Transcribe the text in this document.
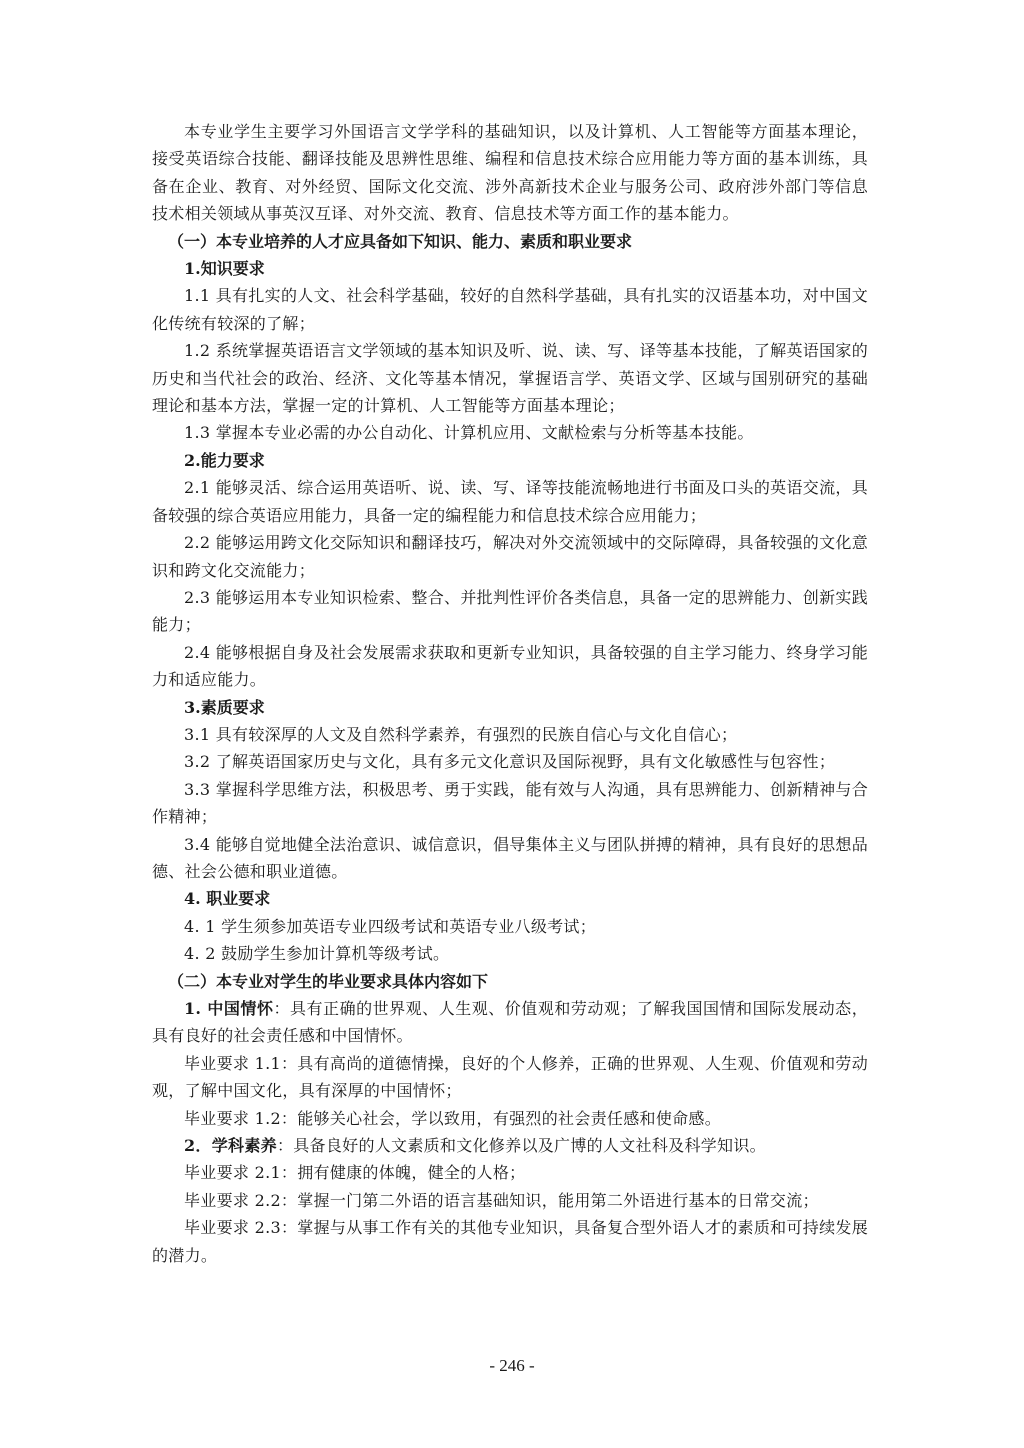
本专业学生主要学习外国语言文学学科的基础知识，以及计算机、人工智能等方面基本理论，接受英语综合技能、翻译技能及思辨性思维、编程和信息技术综合应用能力等方面的基本训练，具备在企业、教育、对外经贸、国际文化交流、涉外高新技术企业与服务公司、政府涉外部门等信息技术相关领域从事英汉互译、对外交流、教育、信息技术等方面工作的基本能力。

（一）本专业培养的人才应具备如下知识、能力、素质和职业要求

1.知识要求

1.1 具有扎实的人文、社会科学基础，较好的自然科学基础，具有扎实的汉语基本功，对中国文化传统有较深的了解；

1.2 系统掌握英语语言文学领域的基本知识及听、说、读、写、译等基本技能，了解英语国家的历史和当代社会的政治、经济、文化等基本情况，掌握语言学、英语文学、区域与国别研究的基础理论和基本方法，掌握一定的计算机、人工智能等方面基本理论；

1.3 掌握本专业必需的办公自动化、计算机应用、文献检索与分析等基本技能。

2.能力要求

2.1 能够灵活、综合运用英语听、说、读、写、译等技能流畅地进行书面及口头的英语交流，具备较强的综合英语应用能力，具备一定的编程能力和信息技术综合应用能力；

2.2 能够运用跨文化交际知识和翻译技巧，解决对外交流领域中的交际障碍，具备较强的文化意识和跨文化交流能力；

2.3 能够运用本专业知识检索、整合、并批判性评价各类信息，具备一定的思辨能力、创新实践能力；

2.4 能够根据自身及社会发展需求获取和更新专业知识，具备较强的自主学习能力、终身学习能力和适应能力。

3.素质要求

3.1 具有较深厚的人文及自然科学素养，有强烈的民族自信心与文化自信心；

3.2 了解英语国家历史与文化，具有多元文化意识及国际视野，具有文化敏感性与包容性；

3.3 掌握科学思维方法，积极思考、勇于实践，能有效与人沟通，具有思辨能力、创新精神与合作精神；

3.4 能够自觉地健全法治意识、诚信意识，倡导集体主义与团队拼搏的精神，具有良好的思想品德、社会公德和职业道德。

4. 职业要求

4. 1 学生须参加英语专业四级考试和英语专业八级考试；

4. 2 鼓励学生参加计算机等级考试。

（二）本专业对学生的毕业要求具体内容如下

1. 中国情怀：具有正确的世界观、人生观、价值观和劳动观；了解我国国情和国际发展动态，具有良好的社会责任感和中国情怀。

毕业要求 1.1：具有高尚的道德情操，良好的个人修养，正确的世界观、人生观、价值观和劳动观，了解中国文化，具有深厚的中国情怀；

毕业要求 1.2：能够关心社会，学以致用，有强烈的社会责任感和使命感。

2．学科素养：具备良好的人文素质和文化修养以及广博的人文社科及科学知识。

毕业要求 2.1：拥有健康的体魄，健全的人格；

毕业要求 2.2：掌握一门第二外语的语言基础知识，能用第二外语进行基本的日常交流；

毕业要求 2.3：掌握与从事工作有关的其他专业知识，具备复合型外语人才的素质和可持续发展的潜力。

- 246 -
